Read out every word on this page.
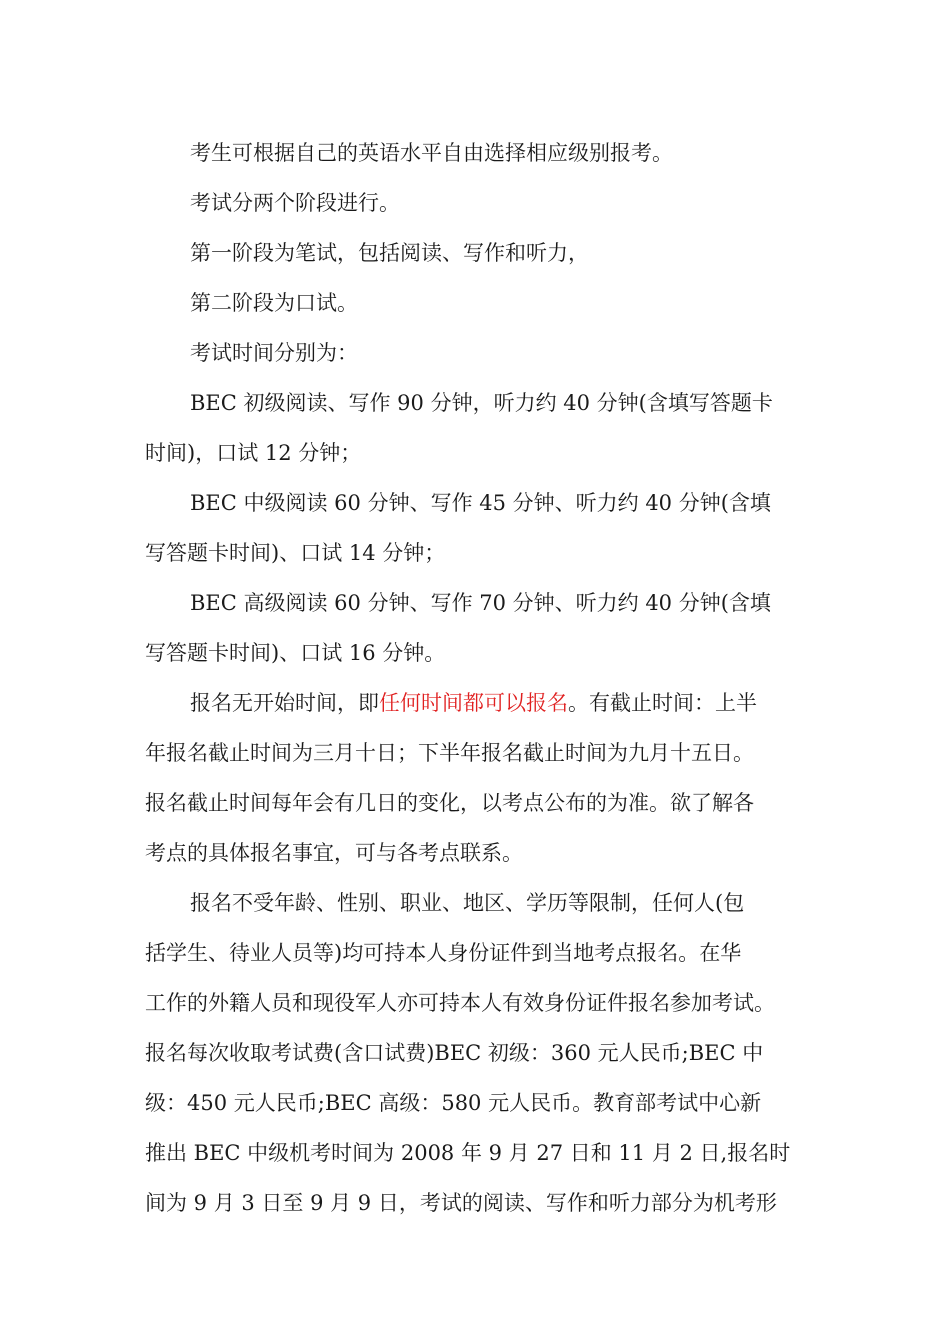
考生可根据自己的英语水平自由选择相应级别报考。
考试分两个阶段进行。
第一阶段为笔试，包括阅读、写作和听力，
第二阶段为口试。
考试时间分别为：
BEC 初级阅读、写作 90 分钟，听力约 40 分钟(含填写答题卡
时间)，口试 12 分钟；
BEC 中级阅读 60 分钟、写作 45 分钟、听力约 40 分钟(含填
写答题卡时间)、口试 14 分钟；
BEC 高级阅读 60 分钟、写作 70 分钟、听力约 40 分钟(含填
写答题卡时间)、口试 16 分钟。
报名无开始时间，即任何时间都可以报名。有截止时间：上半
年报名截止时间为三月十日；下半年报名截止时间为九月十五日。
报名截止时间每年会有几日的变化，以考点公布的为准。欲了解各
考点的具体报名事宜，可与各考点联系。
报名不受年龄、性别、职业、地区、学历等限制，任何人(包
括学生、待业人员等)均可持本人身份证件到当地考点报名。在华
工作的外籍人员和现役军人亦可持本人有效身份证件报名参加考试。
报名每次收取考试费(含口试费)BEC 初级：360 元人民币;BEC 中
级：450 元人民币;BEC 高级：580 元人民币。教育部考试中心新
推出 BEC 中级机考时间为 2008 年 9 月 27 日和 11 月 2 日,报名时
间为 9 月 3 日至 9 月 9 日，考试的阅读、写作和听力部分为机考形
